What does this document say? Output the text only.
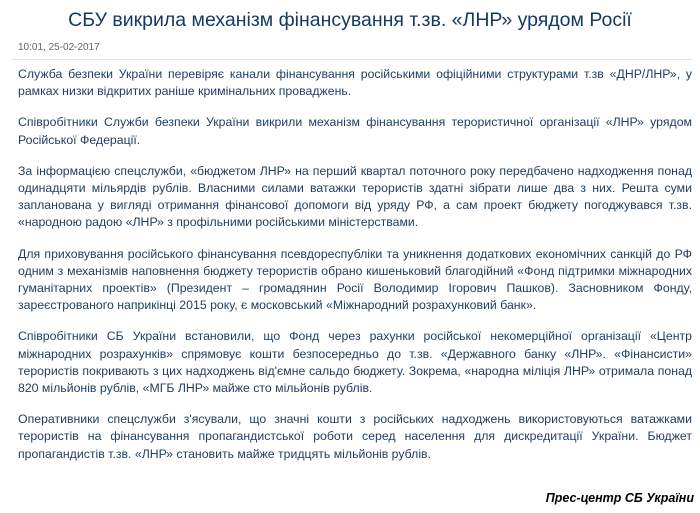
СБУ викрила механізм фінансування т.зв. «ЛНР» урядом Росії
10:01, 25-02-2017

Служба безпеки України перевіряє канали фінансування російськими офіційними структурами т.зв «ДНР/ЛНР», у рамках низки відкритих раніше кримінальних проваджень.

Співробітники Служби безпеки України викрили механізм фінансування терористичної організації «ЛНР» урядом Російської Федерації.

За інформацією спецслужби, «бюджетом ЛНР» на перший квартал поточного року передбачено надходження понад одинадцяти мільярдів рублів. Власними силами ватажки терористів здатні зібрати лише два з них. Решта суми запланована у вигляді отримання фінансової допомоги від уряду РФ, а сам проект бюджету погоджувався т.зв. «народною радою «ЛНР» з профільними російськими міністерствами.

Для приховування російського фінансування псевдореспубліки та уникнення додаткових економічних санкцій до РФ одним з механізмів наповнення бюджету терористів обрано кишеньковий благодійний «Фонд підтримки міжнародних гуманітарних проектів» (Президент – громадянин Росії Володимир Ігорович Пашков). Засновником Фонду, зареєстрованого наприкінці 2015 року, є московський «Міжнародний розрахунковий банк».

Співробітники СБ України встановили, що Фонд через рахунки російської некомерційної організації «Центр міжнародних розрахунків» спрямовує кошти безпосередньо до т.зв. «Державного банку «ЛНР». «Фінансисти» терористів покривають з цих надходжень від'ємне сальдо бюджету. Зокрема, «народна міліція ЛНР» отримала понад 820 мільйонів рублів, «МГБ ЛНР» майже сто мільйонів рублів.

Оперативники спецслужби з'ясували, що значні кошти з російських надходжень використовуються ватажками терористів на фінансування пропагандистської роботи серед населення для дискредитації України. Бюджет пропагандистів т.зв. «ЛНР» становить майже тридцять мільйонів рублів.

Прес-центр СБ України
